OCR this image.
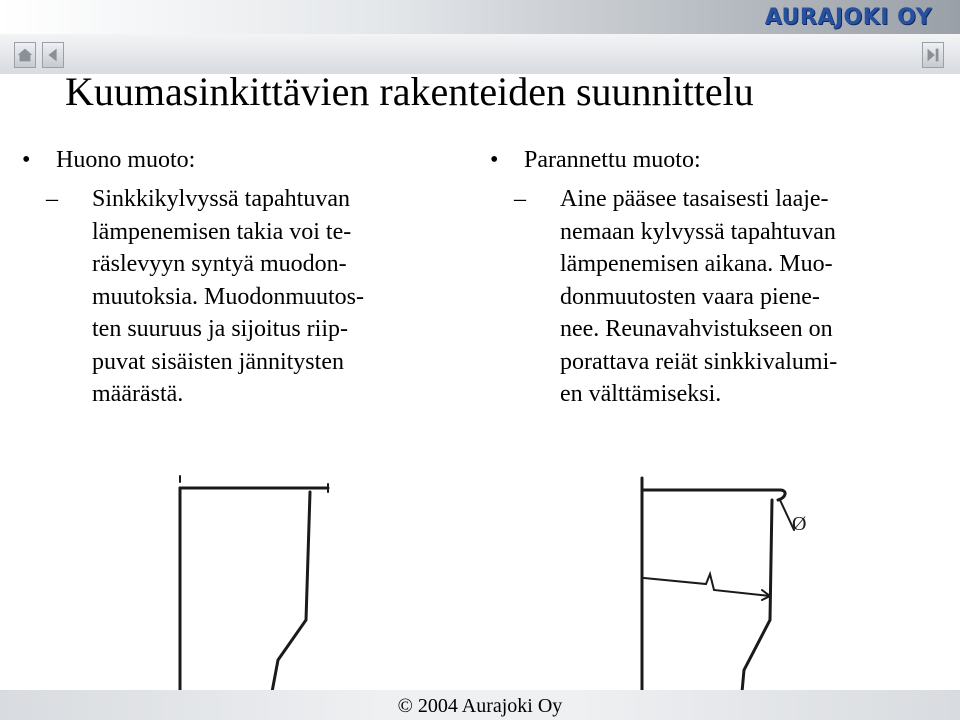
AURAJOKI OY
Kuumasinkittävien rakenteiden suunnittelu
• Huono muoto:
–	Sinkkikylvyssä tapahtuvan
lämpenemisen takia voi te-
räslevyyn syntyä muodon-
muutoksia. Muodonmuutos-
ten suuruus ja sijoitus riip-
puvat sisäisten jännitysten
määrästä.
• Parannettu muoto:
–	Aine pääsee tasaisesti laaje-
nemaan kylvyssä tapahtuvan
lämpenemisen aikana. Muo-
donmuutosten vaara piene-
nee. Reunavahvistukseen on
porattava reiät sinkkivalumi-
en välttämiseksi.
Ø
© 2004 Aurajoki Oy
